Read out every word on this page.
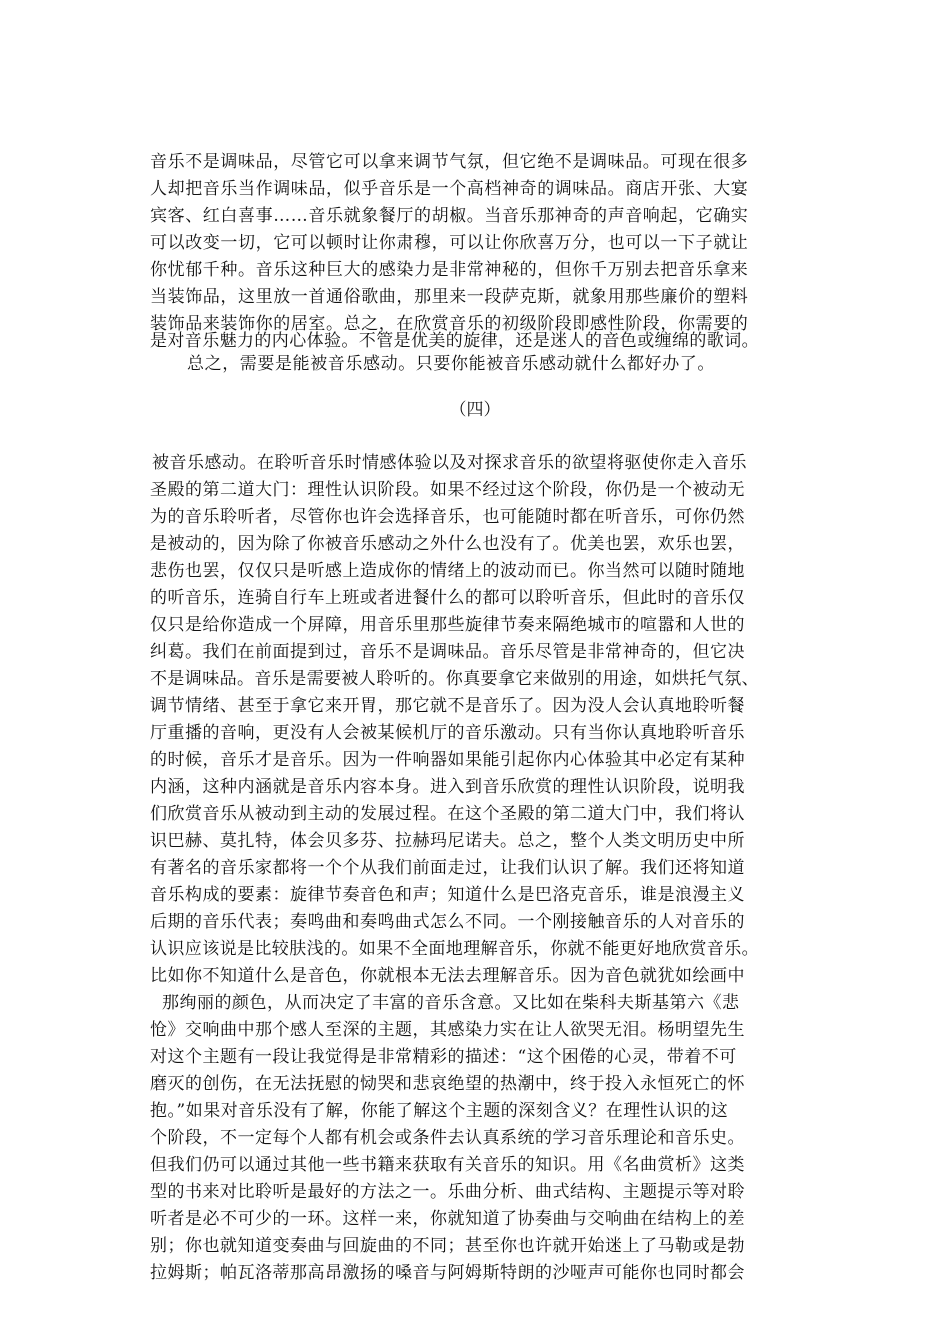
音乐不是调味品，尽管它可以拿来调节气氛，但它绝不是调味品。可现在很多
人却把音乐当作调味品，似乎音乐是一个高档神奇的调味品。商店开张、大宴
宾客、红白喜事……音乐就象餐厅的胡椒。当音乐那神奇的声音响起，它确实
可以改变一切，它可以顿时让你肃穆，可以让你欣喜万分，也可以一下子就让
你忧郁千种。音乐这种巨大的感染力是非常神秘的，但你千万别去把音乐拿来
当装饰品，这里放一首通俗歌曲，那里来一段萨克斯，就象用那些廉价的塑料
装饰品来装饰你的居室。总之，在欣赏音乐的初级阶段即感性阶段，你需要的
是对音乐魅力的内心体验。不管是优美的旋律，还是迷人的音色或缠绵的歌词。
总之，需要是能被音乐感动。只要你能被音乐感动就什么都好办了。
（四）
被音乐感动。在聆听音乐时情感体验以及对探求音乐的欲望将驱使你走入音乐
圣殿的第二道大门：理性认识阶段。如果不经过这个阶段，你仍是一个被动无
为的音乐聆听者，尽管你也许会选择音乐，也可能随时都在听音乐，可你仍然
是被动的，因为除了你被音乐感动之外什么也没有了。优美也罢，欢乐也罢，
悲伤也罢，仅仅只是听感上造成你的情绪上的波动而已。你当然可以随时随地
的听音乐，连骑自行车上班或者进餐什么的都可以聆听音乐，但此时的音乐仅
仅只是给你造成一个屏障，用音乐里那些旋律节奏来隔绝城市的喧嚣和人世的
纠葛。我们在前面提到过，音乐不是调味品。音乐尽管是非常神奇的，但它决
不是调味品。音乐是需要被人聆听的。你真要拿它来做别的用途，如烘托气氛、
调节情绪、甚至于拿它来开胃，那它就不是音乐了。因为没人会认真地聆听餐
厅重播的音响，更没有人会被某候机厅的音乐激动。只有当你认真地聆听音乐
的时候，音乐才是音乐。因为一件响器如果能引起你内心体验其中必定有某种
内涵，这种内涵就是音乐内容本身。进入到音乐欣赏的理性认识阶段，说明我
们欣赏音乐从被动到主动的发展过程。在这个圣殿的第二道大门中，我们将认
识巴赫、莫扎特，体会贝多芬、拉赫玛尼诺夫。总之，整个人类文明历史中所
有著名的音乐家都将一个个从我们前面走过，让我们认识了解。我们还将知道
音乐构成的要素：旋律节奏音色和声；知道什么是巴洛克音乐，谁是浪漫主义
后期的音乐代表；奏鸣曲和奏鸣曲式怎么不同。一个刚接触音乐的人对音乐的
认识应该说是比较肤浅的。如果不全面地理解音乐，你就不能更好地欣赏音乐。
比如你不知道什么是音色，你就根本无法去理解音乐。因为音色就犹如绘画中
那绚丽的颜色，从而决定了丰富的音乐含意。又比如在柴科夫斯基第六《悲
怆》交响曲中那个感人至深的主题，其感染力实在让人欲哭无泪。杨明望先生
对这个主题有一段让我觉得是非常精彩的描述：“这个困倦的心灵，带着不可
磨灭的创伤，在无法抚慰的恸哭和悲哀绝望的热潮中，终于投入永恒死亡的怀
抱。”如果对音乐没有了解，你能了解这个主题的深刻含义？在理性认识的这
个阶段，不一定每个人都有机会或条件去认真系统的学习音乐理论和音乐史。
但我们仍可以通过其他一些书籍来获取有关音乐的知识。用《名曲赏析》这类
型的书来对比聆听是最好的方法之一。乐曲分析、曲式结构、主题提示等对聆
听者是必不可少的一环。这样一来，你就知道了协奏曲与交响曲在结构上的差
别；你也就知道变奏曲与回旋曲的不同；甚至你也许就开始迷上了马勒或是勃
拉姆斯；帕瓦洛蒂那高昂激扬的嗓音与阿姆斯特朗的沙哑声可能你也同时都会
